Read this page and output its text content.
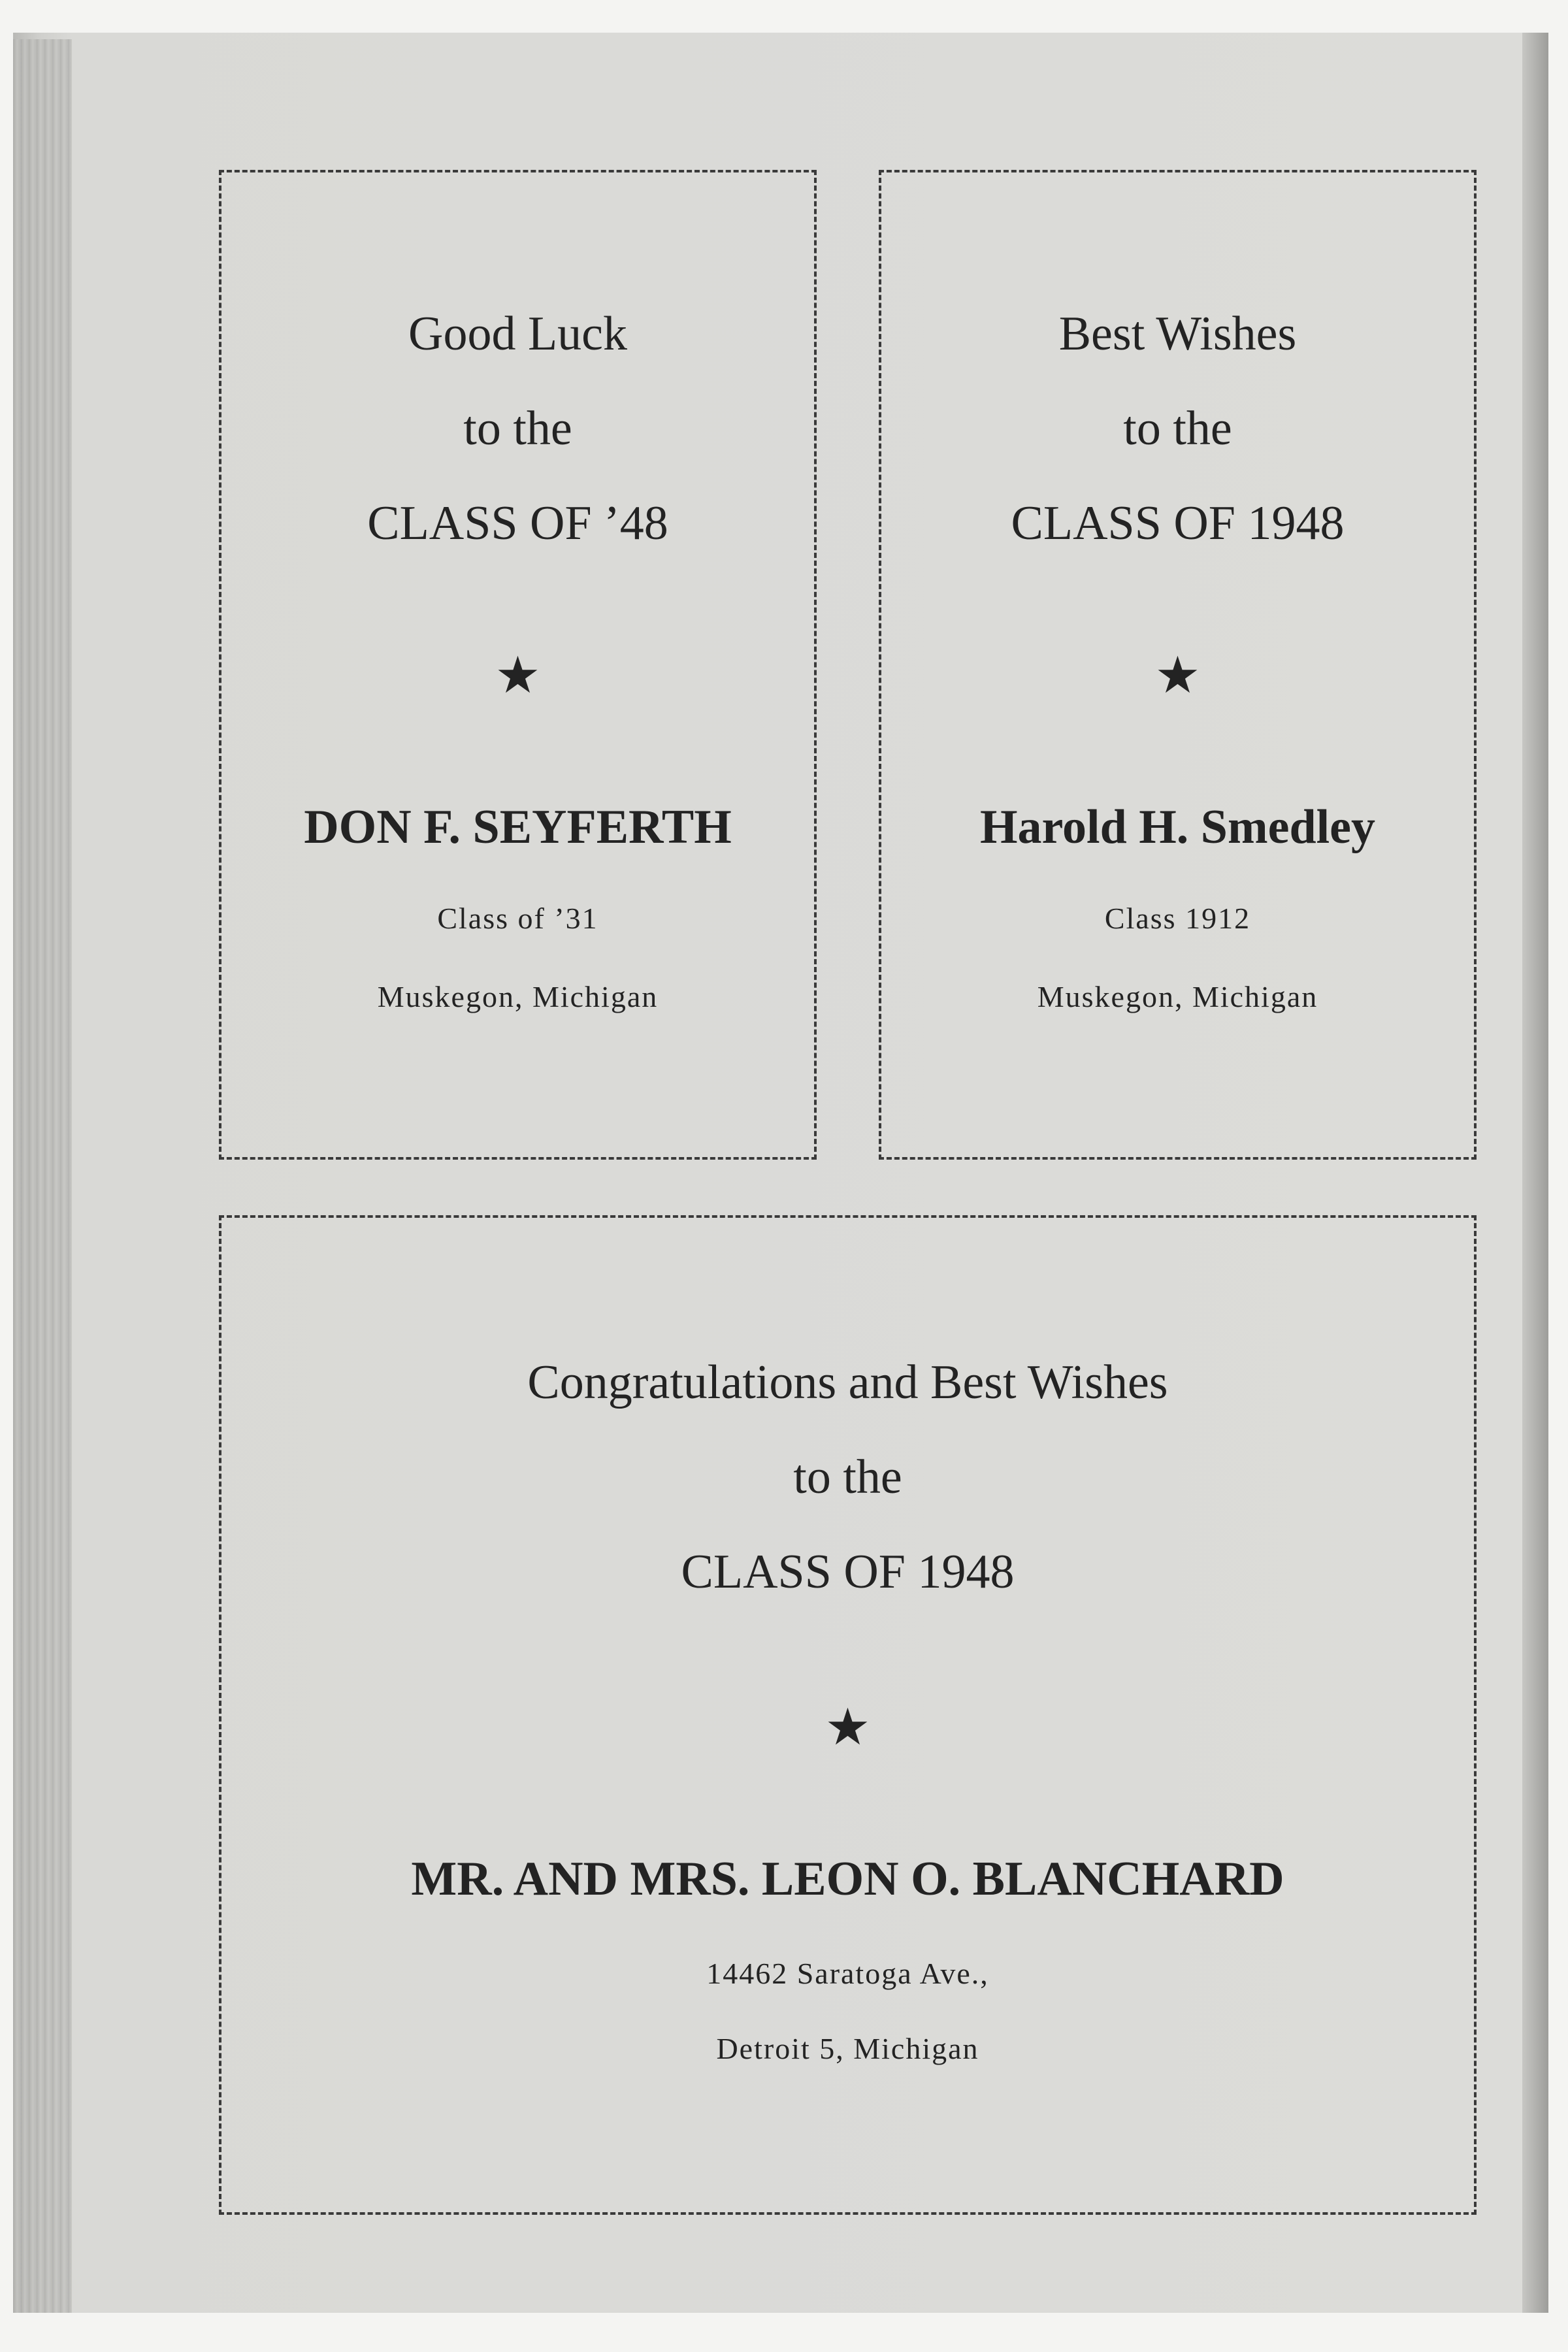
Good Luck
to the
CLASS OF ’48
★
DON F. SEYFERTH
Class of ’31
Muskegon, Michigan
Best Wishes
to the
CLASS OF 1948
★
Harold H. Smedley
Class 1912
Muskegon, Michigan
Congratulations and Best Wishes
to the
CLASS OF 1948
★
MR. AND MRS. LEON O. BLANCHARD
14462 Saratoga Ave.,
Detroit 5, Michigan
